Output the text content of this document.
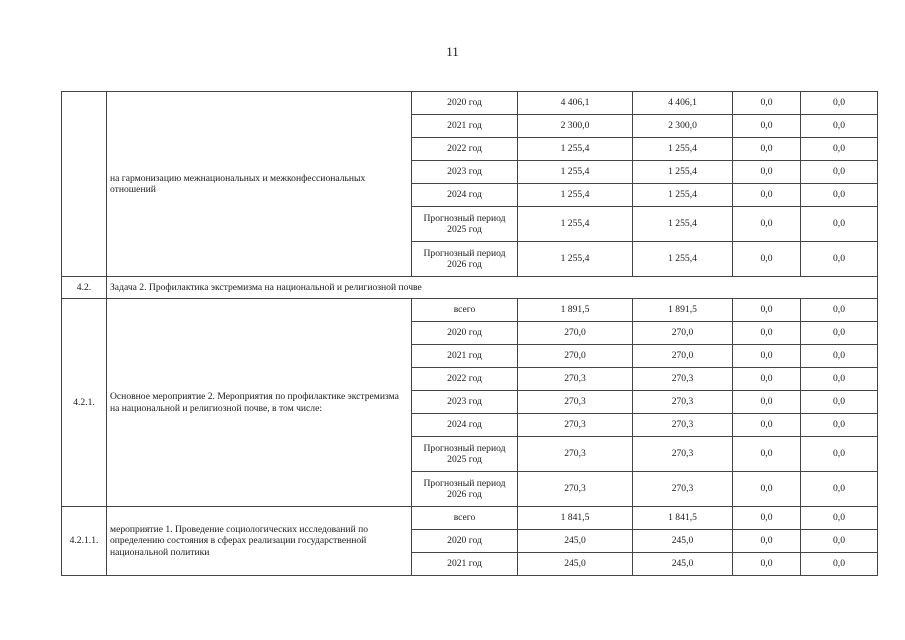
11
	на гармонизацию межнациональных и межконфессиональных отношений	2020 год	4 406,1	4 406,1	0,0	0,0
		2021 год	2 300,0	2 300,0	0,0	0,0
		2022 год	1 255,4	1 255,4	0,0	0,0
		2023 год	1 255,4	1 255,4	0,0	0,0
		2024 год	1 255,4	1 255,4	0,0	0,0
		Прогнозный период 2025 год	1 255,4	1 255,4	0,0	0,0
		Прогнозный период 2026 год	1 255,4	1 255,4	0,0	0,0
4.2.	Задача 2. Профилактика экстремизма на национальной и религиозной почве					
4.2.1.	Основное мероприятие 2. Мероприятия по профилактике экстремизма на национальной и религиозной почве, в том числе:	всего	1 891,5	1 891,5	0,0	0,0
		2020 год	270,0	270,0	0,0	0,0
		2021 год	270,0	270,0	0,0	0,0
		2022 год	270,3	270,3	0,0	0,0
		2023 год	270,3	270,3	0,0	0,0
		2024 год	270,3	270,3	0,0	0,0
		Прогнозный период 2025 год	270,3	270,3	0,0	0,0
		Прогнозный период 2026 год	270,3	270,3	0,0	0,0
4.2.1.1.	мероприятие 1. Проведение социологических исследований по определению состояния в сферах реализации государственной национальной политики	всего	1 841,5	1 841,5	0,0	0,0
		2020 год	245,0	245,0	0,0	0,0
		2021 год	245,0	245,0	0,0	0,0
